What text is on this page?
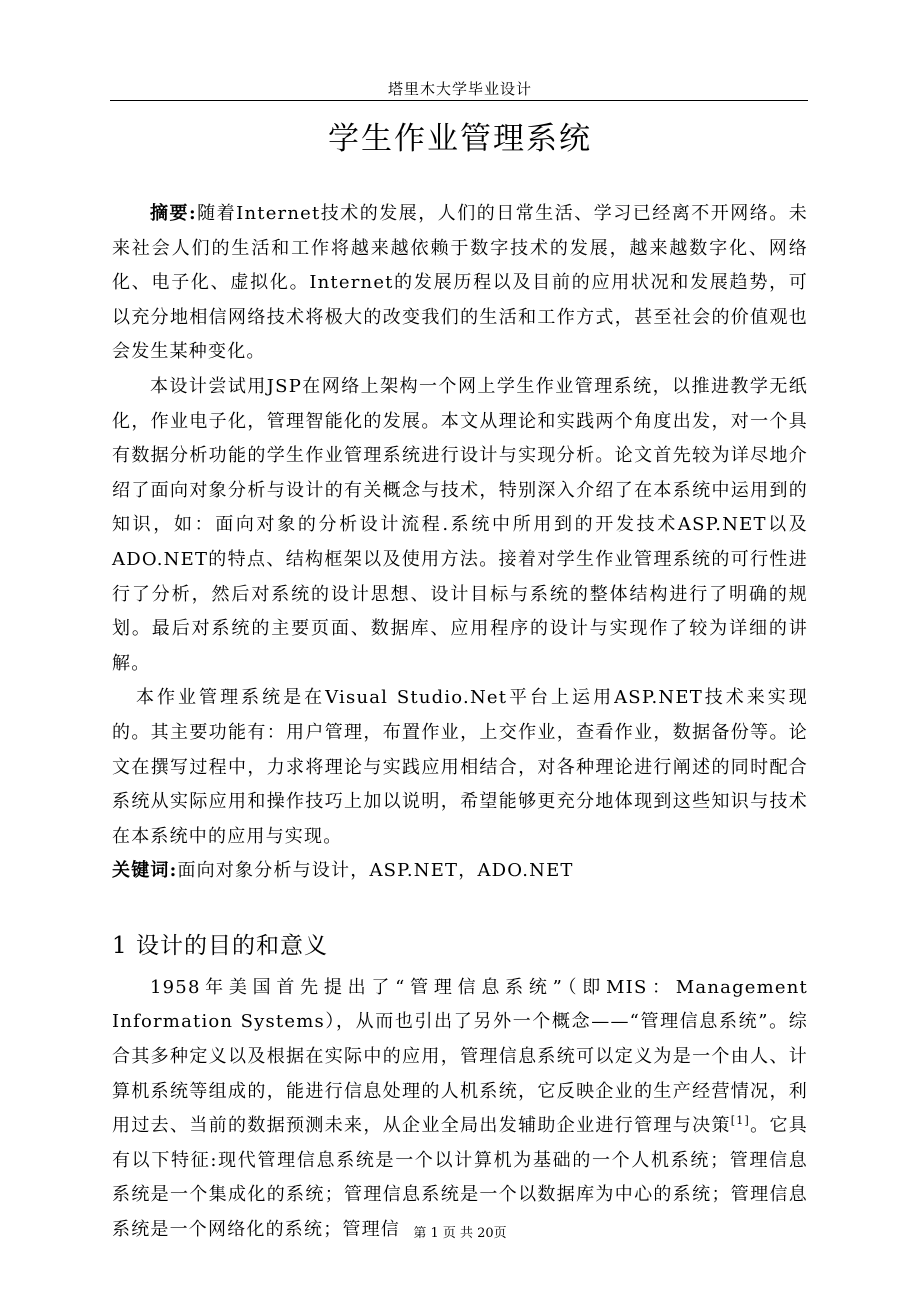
塔里木大学毕业设计
学生作业管理系统

摘要:随着Internet技术的发展，人们的日常生活、学习已经离不开网络。未来社会人们的生活和工作将越来越依赖于数字技术的发展，越来越数字化、网络化、电子化、虚拟化。Internet的发展历程以及目前的应用状况和发展趋势，可以充分地相信网络技术将极大的改变我们的生活和工作方式，甚至社会的价值观也会发生某种变化。

本设计尝试用JSP在网络上架构一个网上学生作业管理系统，以推进教学无纸化，作业电子化，管理智能化的发展。本文从理论和实践两个角度出发，对一个具有数据分析功能的学生作业管理系统进行设计与实现分析。论文首先较为详尽地介绍了面向对象分析与设计的有关概念与技术，特别深入介绍了在本系统中运用到的知识，如：面向对象的分析设计流程.系统中所用到的开发技术ASP.NET以及ADO.NET的特点、结构框架以及使用方法。接着对学生作业管理系统的可行性进行了分析，然后对系统的设计思想、设计目标与系统的整体结构进行了明确的规划。最后对系统的主要页面、数据库、应用程序的设计与实现作了较为详细的讲解。

本作业管理系统是在Visual Studio.Net平台上运用ASP.NET技术来实现的。其主要功能有：用户管理，布置作业，上交作业，查看作业，数据备份等。论文在撰写过程中，力求将理论与实践应用相结合，对各种理论进行阐述的同时配合系统从实际应用和操作技巧上加以说明，希望能够更充分地体现到这些知识与技术在本系统中的应用与实现。

关键词:面向对象分析与设计，ASP.NET，ADO.NET

1 设计的目的和意义

1958年美国首先提出了“管理信息系统”（即MIS：Management Information Systems），从而也引出了另外一个概念——“管理信息系统”。综合其多种定义以及根据在实际中的应用，管理信息系统可以定义为是一个由人、计算机系统等组成的，能进行信息处理的人机系统，它反映企业的生产经营情况，利用过去、当前的数据预测未来，从企业全局出发辅助企业进行管理与决策[1]。它具有以下特征:现代管理信息系统是一个以计算机为基础的一个人机系统；管理信息系统是一个集成化的系统；管理信息系统是一个以数据库为中心的系统；管理信息系统是一个网络化的系统；管理信	第 1 页 共 20页
